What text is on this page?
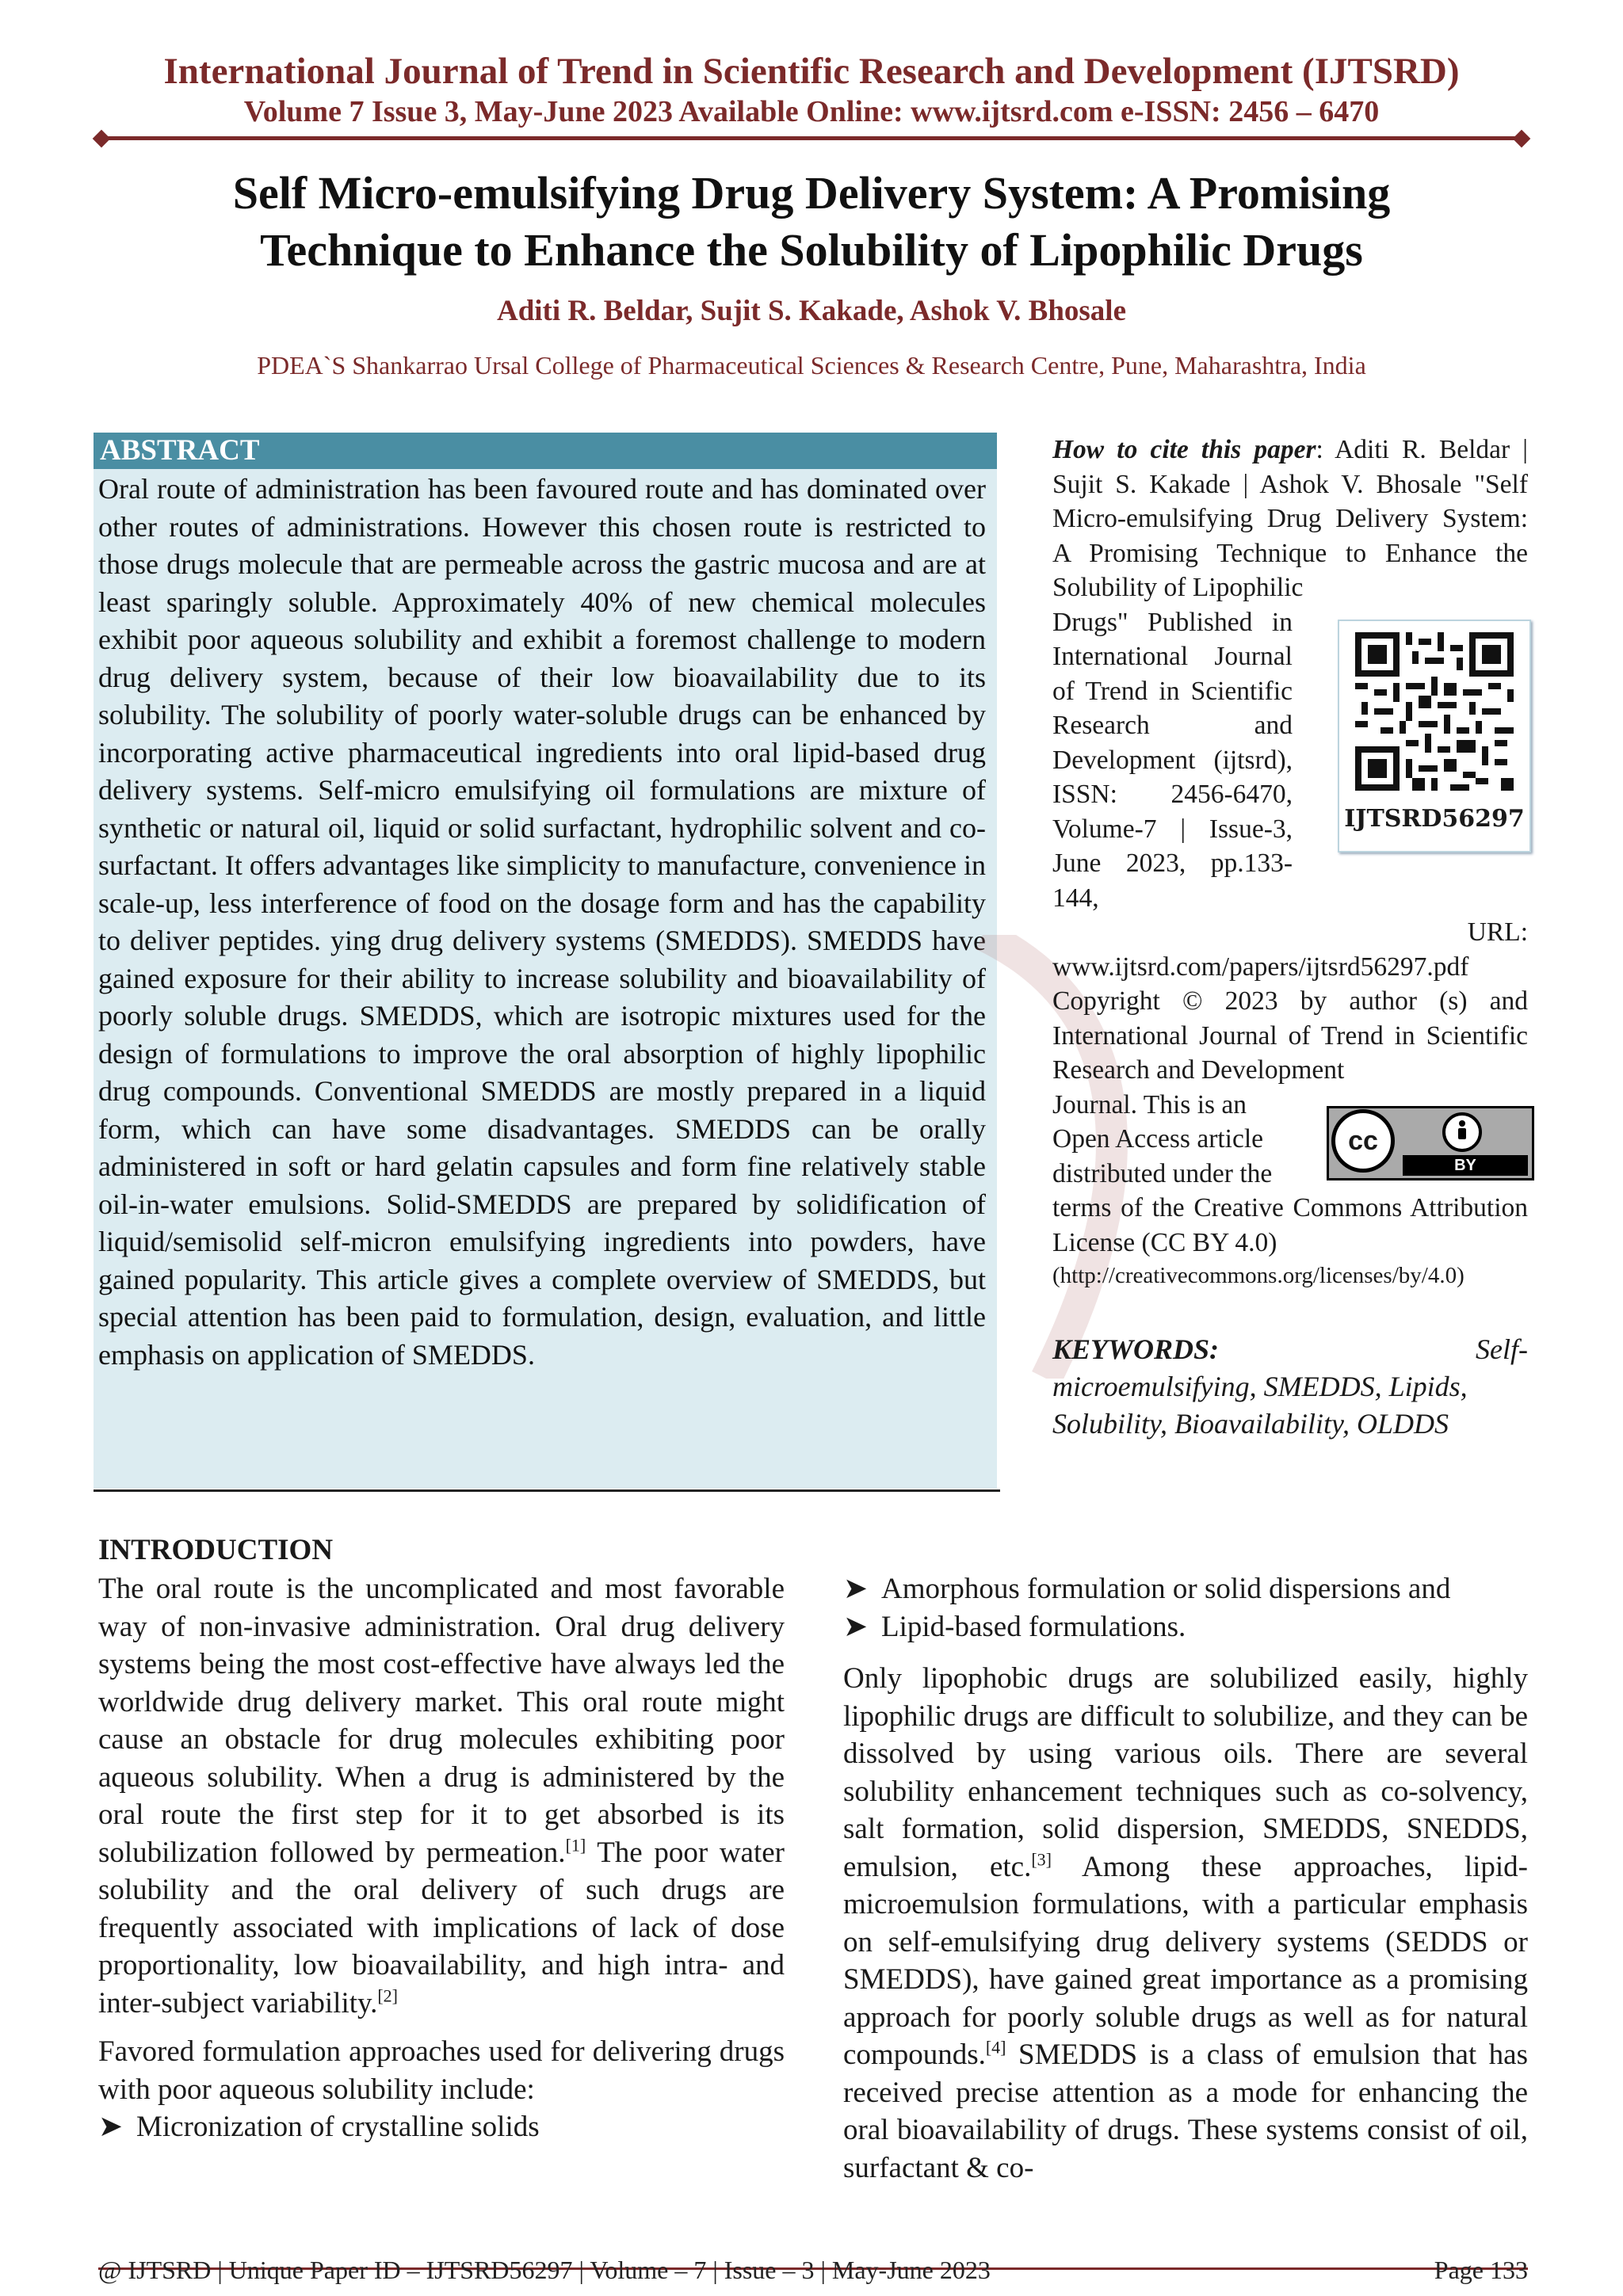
International Journal of Trend in Scientific Research and Development (IJTSRD)
Volume 7 Issue 3, May-June 2023 Available Online: www.ijtsrd.com e-ISSN: 2456 – 6470
Self Micro-emulsifying Drug Delivery System: A Promising
Technique to Enhance the Solubility of Lipophilic Drugs
Aditi R. Beldar, Sujit S. Kakade, Ashok V. Bhosale
PDEA`S Shankarrao Ursal College of Pharmaceutical Sciences & Research Centre, Pune, Maharashtra, India
ABSTRACT
Oral route of administration has been favoured route and has dominated over other routes of administrations. However this chosen route is restricted to those drugs molecule that are permeable across the gastric mucosa and are at least sparingly soluble. Approximately 40% of new chemical molecules exhibit poor aqueous solubility and exhibit a foremost challenge to modern drug delivery system, because of their low bioavailability due to its solubility. The solubility of poorly water-soluble drugs can be enhanced by incorporating active pharmaceutical ingredients into oral lipid-based drug delivery systems. Self-micro emulsifying oil formulations are mixture of synthetic or natural oil, liquid or solid surfactant, hydrophilic solvent and co-surfactant. It offers advantages like simplicity to manufacture, convenience in scale-up, less interference of food on the dosage form and has the capability to deliver peptides. ying drug delivery systems (SMEDDS). SMEDDS have gained exposure for their ability to increase solubility and bioavailability of poorly soluble drugs. SMEDDS, which are isotropic mixtures used for the design of formulations to improve the oral absorption of highly lipophilic drug compounds. Conventional SMEDDS are mostly prepared in a liquid form, which can have some disadvantages. SMEDDS can be orally administered in soft or hard gelatin capsules and form fine relatively stable oil-in-water emulsions. Solid-SMEDDS are prepared by solidification of liquid/semisolid self-micron emulsifying ingredients into powders, have gained popularity. This article gives a complete overview of SMEDDS, but special attention has been paid to formulation, design, evaluation, and little emphasis on application of SMEDDS.
How to cite this paper: Aditi R. Beldar | Sujit S. Kakade | Ashok V. Bhosale "Self Micro-emulsifying Drug Delivery System: A Promising Technique to Enhance the Solubility of Lipophilic
Drugs" Published in International Journal of Trend in Scientific Research and Development (ijtsrd), ISSN: 2456-6470, Volume-7 | Issue-3, June 2023, pp.133-144,
URL:
www.ijtsrd.com/papers/ijtsrd56297.pdf
IJTSRD56297
Copyright © 2023 by author (s) and International Journal of Trend in Scientific Research and Development
Journal. This is an Open Access article distributed under the
terms of the Creative Commons Attribution License (CC BY 4.0)
(http://creativecommons.org/licenses/by/4.0)
cc
BY
KEYWORDS:	Self-
microemulsifying, SMEDDS, Lipids, Solubility, Bioavailability, OLDDS
INTRODUCTION
The oral route is the uncomplicated and most favorable way of non-invasive administration. Oral drug delivery systems being the most cost-effective have always led the worldwide drug delivery market. This oral route might cause an obstacle for drug molecules exhibiting poor aqueous solubility. When a drug is administered by the oral route the first step for it to get absorbed is its solubilization followed by permeation.[1] The poor water solubility and the oral delivery of such drugs are frequently associated with implications of lack of dose proportionality, low bioavailability, and high intra- and inter-subject variability.[2]
Favored formulation approaches used for delivering drugs with poor aqueous solubility include:
➤ Micronization of crystalline solids
➤ Amorphous formulation or solid dispersions and
➤ Lipid-based formulations.
Only lipophobic drugs are solubilized easily, highly lipophilic drugs are difficult to solubilize, and they can be dissolved by using various oils. There are several solubility enhancement techniques such as co-solvency, salt formation, solid dispersion, SMEDDS, SNEDDS, emulsion, etc.[3] Among these approaches, lipid-microemulsion formulations, with a particular emphasis on self-emulsifying drug delivery systems (SEDDS or SMEDDS), have gained great importance as a promising approach for poorly soluble drugs as well as for natural compounds.[4] SMEDDS is a class of emulsion that has received precise attention as a mode for enhancing the oral bioavailability of drugs. These systems consist of oil, surfactant & co-
@ IJTSRD | Unique Paper ID – IJTSRD56297 | Volume – 7 | Issue – 3 | May-June 2023	Page 133
